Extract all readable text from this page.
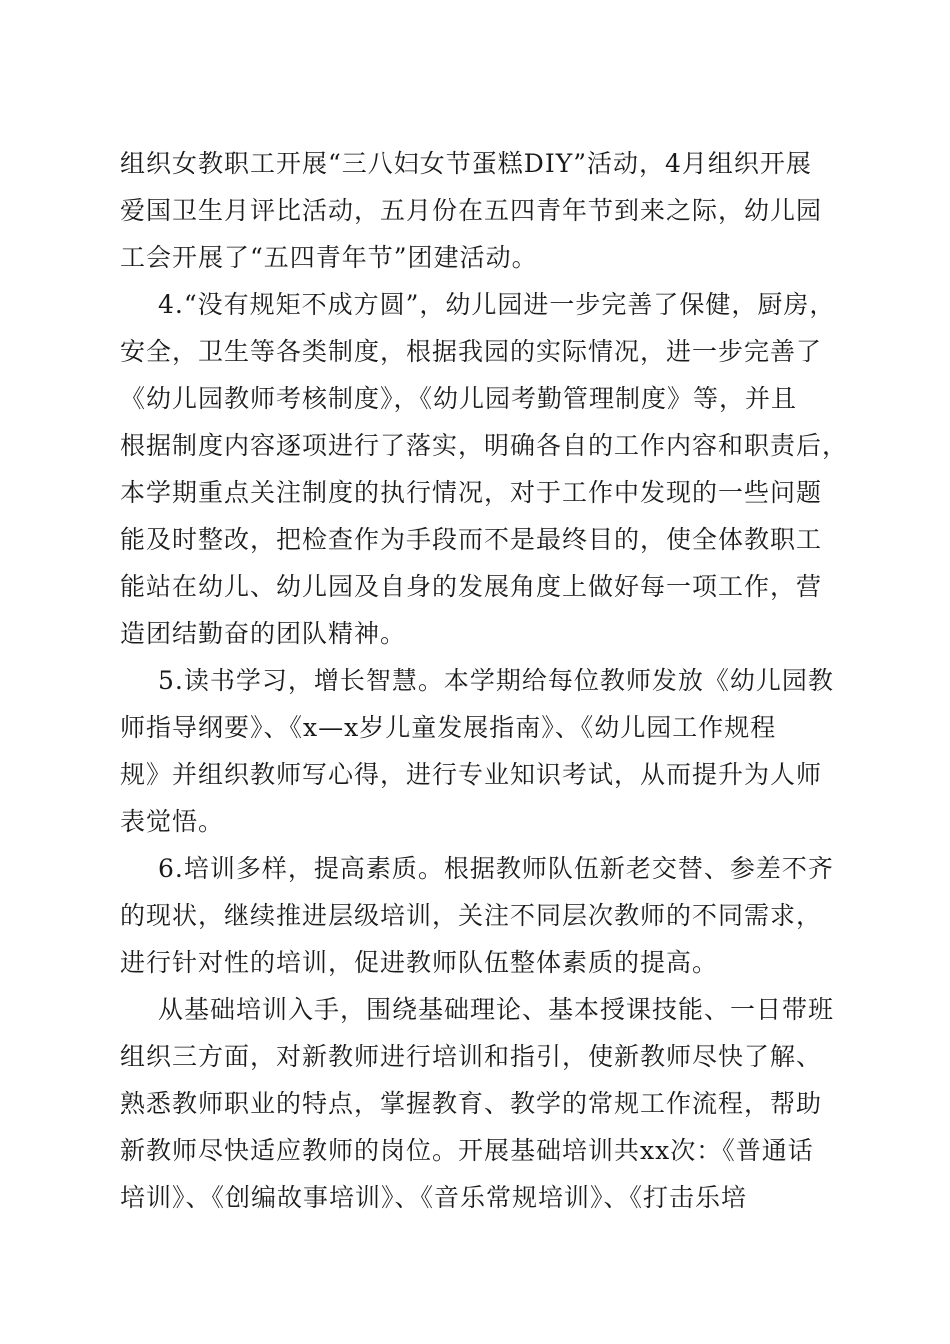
组织女教职工开展“三八妇女节蛋糕DIY”活动，4月组织开展
爱国卫生月评比活动，五月份在五四青年节到来之际，幼儿园
工会开展了“五四青年节”团建活动。
4.“没有规矩不成方圆”，幼儿园进一步完善了保健，厨房，
安全，卫生等各类制度，根据我园的实际情况，进一步完善了
《幼儿园教师考核制度》，《幼儿园考勤管理制度》等，并且
根据制度内容逐项进行了落实，明确各自的工作内容和职责后，
本学期重点关注制度的执行情况，对于工作中发现的一些问题
能及时整改，把检查作为手段而不是最终目的，使全体教职工
能站在幼儿、幼儿园及自身的发展角度上做好每一项工作，营
造团结勤奋的团队精神。
5.读书学习，增长智慧。本学期给每位教师发放《幼儿园教
师指导纲要》、《x—x岁儿童发展指南》、《幼儿园工作规程
规》并组织教师写心得，进行专业知识考试，从而提升为人师
表觉悟。
6.培训多样，提高素质。根据教师队伍新老交替、参差不齐
的现状，继续推进层级培训，关注不同层次教师的不同需求，
进行针对性的培训，促进教师队伍整体素质的提高。
从基础培训入手，围绕基础理论、基本授课技能、一日带班
组织三方面，对新教师进行培训和指引，使新教师尽快了解、
熟悉教师职业的特点，掌握教育、教学的常规工作流程，帮助
新教师尽快适应教师的岗位。开展基础培训共xx次：《普通话
培训》、《创编故事培训》、《音乐常规培训》、《打击乐培
